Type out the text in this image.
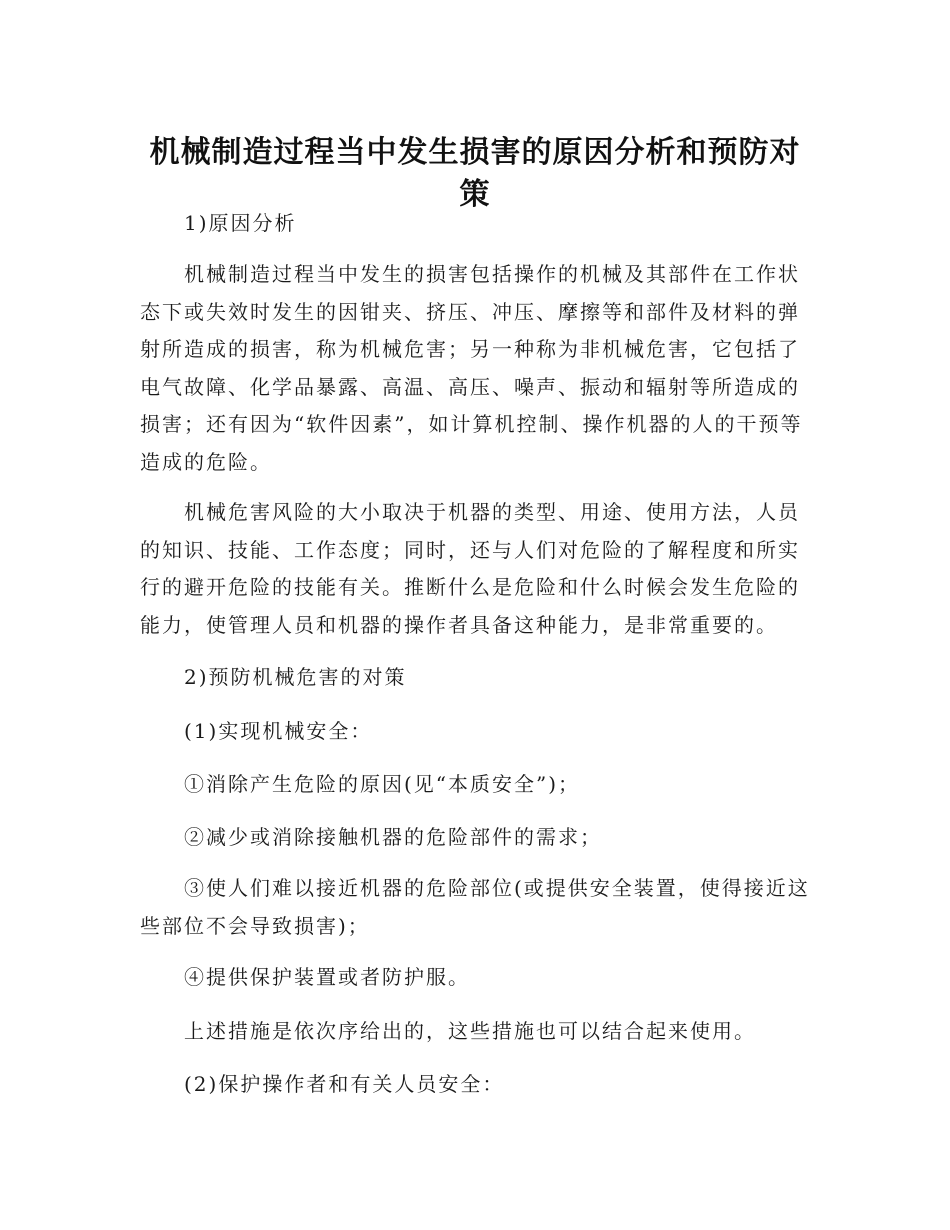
机械制造过程当中发生损害的原因分析和预防对策

1)原因分析

机械制造过程当中发生的损害包括操作的机械及其部件在工作状态下或失效时发生的因钳夹、挤压、冲压、摩擦等和部件及材料的弹射所造成的损害，称为机械危害；另一种称为非机械危害，它包括了电气故障、化学品暴露、高温、高压、噪声、振动和辐射等所造成的损害；还有因为“软件因素”，如计算机控制、操作机器的人的干预等造成的危险。

机械危害风险的大小取决于机器的类型、用途、使用方法，人员的知识、技能、工作态度；同时，还与人们对危险的了解程度和所实行的避开危险的技能有关。推断什么是危险和什么时候会发生危险的能力，使管理人员和机器的操作者具备这种能力，是非常重要的。

2)预防机械危害的对策

(1)实现机械安全：

①消除产生危险的原因(见“本质安全”)；

②减少或消除接触机器的危险部件的需求；

③使人们难以接近机器的危险部位(或提供安全装置，使得接近这些部位不会导致损害)；

④提供保护装置或者防护服。

上述措施是依次序给出的，这些措施也可以结合起来使用。

(2)保护操作者和有关人员安全：
